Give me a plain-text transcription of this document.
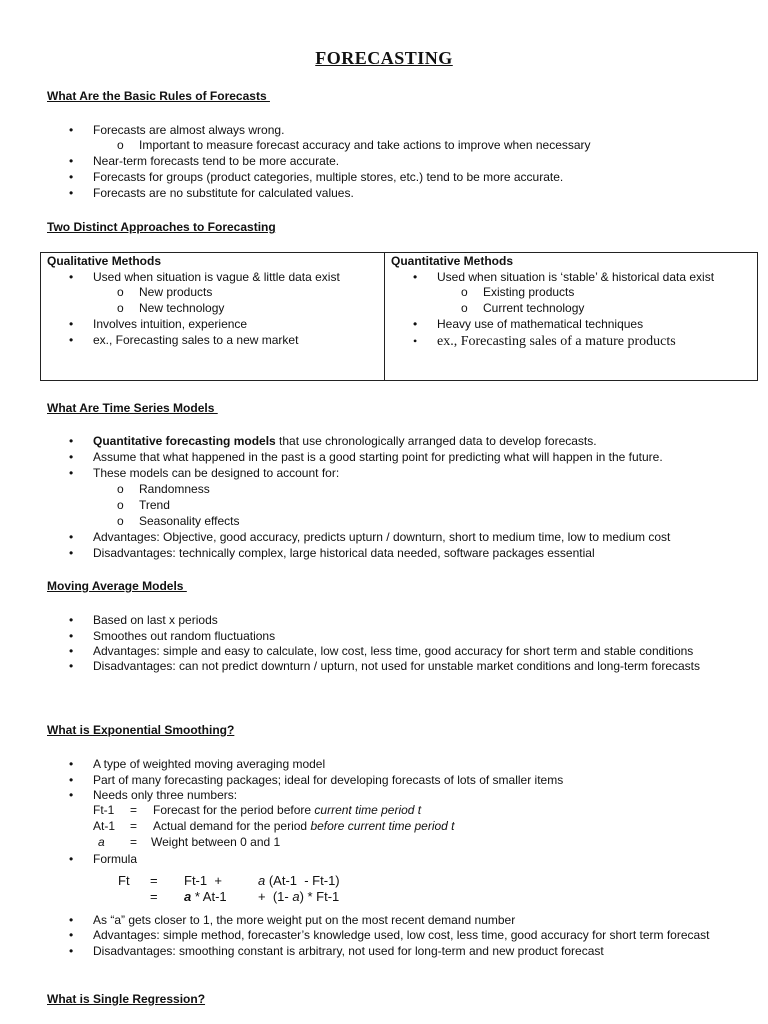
FORECASTING
What Are the Basic Rules of Forecasts
• Forecasts are almost always wrong.
o Important to measure forecast accuracy and take actions to improve when necessary
• Near-term forecasts tend to be more accurate.
• Forecasts for groups (product categories, multiple stores, etc.) tend to be more accurate.
• Forecasts are no substitute for calculated values.
Two Distinct Approaches to Forecasting
Qualitative Methods
• Used when situation is vague & little data exist
o New products
o New technology
• Involves intuition, experience
• ex., Forecasting sales to a new market
Quantitative Methods
• Used when situation is ‘stable’ & historical data exist
o Existing products
o Current technology
• Heavy use of mathematical techniques
• ex., Forecasting sales of a mature products
What Are Time Series Models
• Quantitative forecasting models that use chronologically arranged data to develop forecasts.
• Assume that what happened in the past is a good starting point for predicting what will happen in the future.
• These models can be designed to account for:
o Randomness
o Trend
o Seasonality effects
• Advantages: Objective, good accuracy, predicts upturn / downturn, short to medium time, low to medium cost
• Disadvantages: technically complex, large historical data needed, software packages essential
Moving Average Models
• Based on last x periods
• Smoothes out random fluctuations
• Advantages: simple and easy to calculate, low cost, less time, good accuracy for short term and stable conditions
• Disadvantages: can not predict downturn / upturn, not used for unstable market conditions and long-term forecasts
What is Exponential Smoothing?
• A type of weighted moving averaging model
• Part of many forecasting packages; ideal for developing forecasts of lots of smaller items
• Needs only three numbers:
Ft-1 = Forecast for the period before current time period t
At-1 = Actual demand for the period before current time period t
a = Weight between 0 and 1
• Formula
Ft = Ft-1  +	a (At-1  - Ft-1)
= a * At-1 +  (1- a) * Ft-1
• As “a” gets closer to 1, the more weight put on the most recent demand number
• Advantages: simple method, forecaster’s knowledge used, low cost, less time, good accuracy for short term forecast
• Disadvantages: smoothing constant is arbitrary, not used for long-term and new product forecast
What is Single Regression?
